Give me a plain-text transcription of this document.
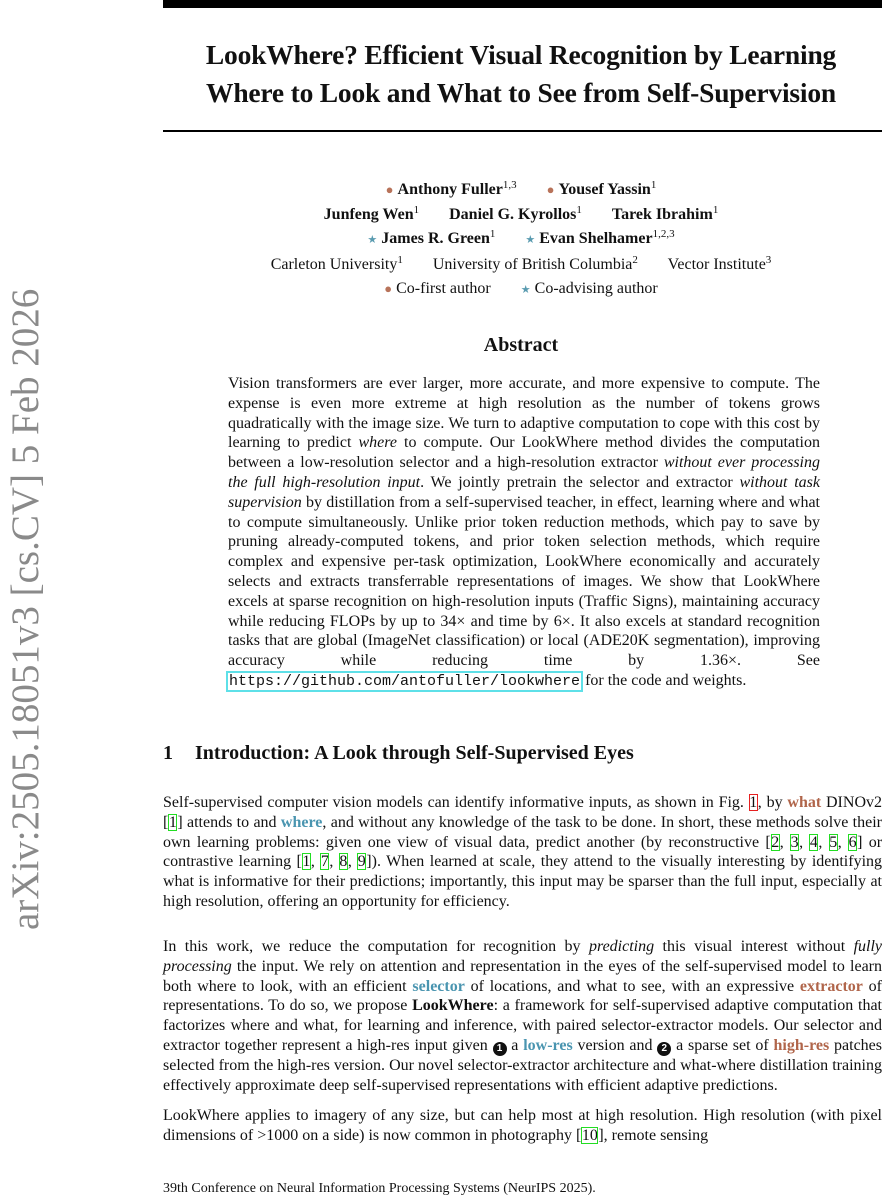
LookWhere? Efficient Visual Recognition by Learning
Where to Look and What to See from Self-Supervision
arXiv:2505.18051v3 [cs.CV] 5 Feb 2026
● Anthony Fuller$^{1,3}$ ● Yousef Yassin$^1$
Junfeng Wen$^1$ Daniel G. Kyrollos$^1$ Tarek Ibrahim$^1$
★ James R. Green$^1$	★ Evan Shelhamer$^{1,2,3}$
Carleton University$^1$ University of British Columbia$^2$ Vector Institute$^3$
● Co-first author	★ Co-advising author
Abstract
Vision transformers are ever larger, more accurate, and more expensive to compute. The expense is even more extreme at high resolution as the number of tokens grows quadratically with the image size. We turn to adaptive computation to cope with this cost by learning to predict where to compute. Our LookWhere method divides the computation between a low-resolution selector and a high-resolution extractor without ever processing the full high-resolution input. We jointly pretrain the selector and extractor without task supervision by distillation from a self-supervised teacher, in effect, learning where and what to compute simultaneously. Unlike prior token reduction methods, which pay to save by pruning already-computed tokens, and prior token selection methods, which require complex and expensive per-task optimization, LookWhere economically and accurately selects and extracts transferrable representations of images. We show that LookWhere excels at sparse recognition on high-resolution inputs (Traffic Signs), maintaining accuracy while reducing FLOPs by up to 34× and time by 6×. It also excels at standard recognition tasks that are global (ImageNet classification) or local (ADE20K segmentation), improving accuracy while reducing time by 1.36×. See https://github.com/antofuller/lookwhere for the code and weights.
1 Introduction: A Look through Self-Supervised Eyes
Self-supervised computer vision models can identify informative inputs, as shown in Fig. 1, by what DINOv2 [1] attends to and where, and without any knowledge of the task to be done. In short, these methods solve their own learning problems: given one view of visual data, predict another (by reconstructive [2, 3, 4, 5, 6] or contrastive learning [1, 7, 8, 9]). When learned at scale, they attend to the visually interesting by identifying what is informative for their predictions; importantly, this input may be sparser than the full input, especially at high resolution, offering an opportunity for efficiency.
In this work, we reduce the computation for recognition by predicting this visual interest without fully processing the input. We rely on attention and representation in the eyes of the self-supervised model to learn both where to look, with an efficient selector of locations, and what to see, with an expressive extractor of representations. To do so, we propose LookWhere: a framework for self-supervised adaptive computation that factorizes where and what, for learning and inference, with paired selector-extractor models. Our selector and extractor together represent a high-res input given 1 a low-res version and 2 a sparse set of high-res patches selected from the high-res version. Our novel selector-extractor architecture and what-where distillation training effectively approximate deep self-supervised representations with efficient adaptive predictions.
LookWhere applies to imagery of any size, but can help most at high resolution. High resolution (with pixel dimensions of >1000 on a side) is now common in photography [10], remote sensing
39th Conference on Neural Information Processing Systems (NeurIPS 2025).
